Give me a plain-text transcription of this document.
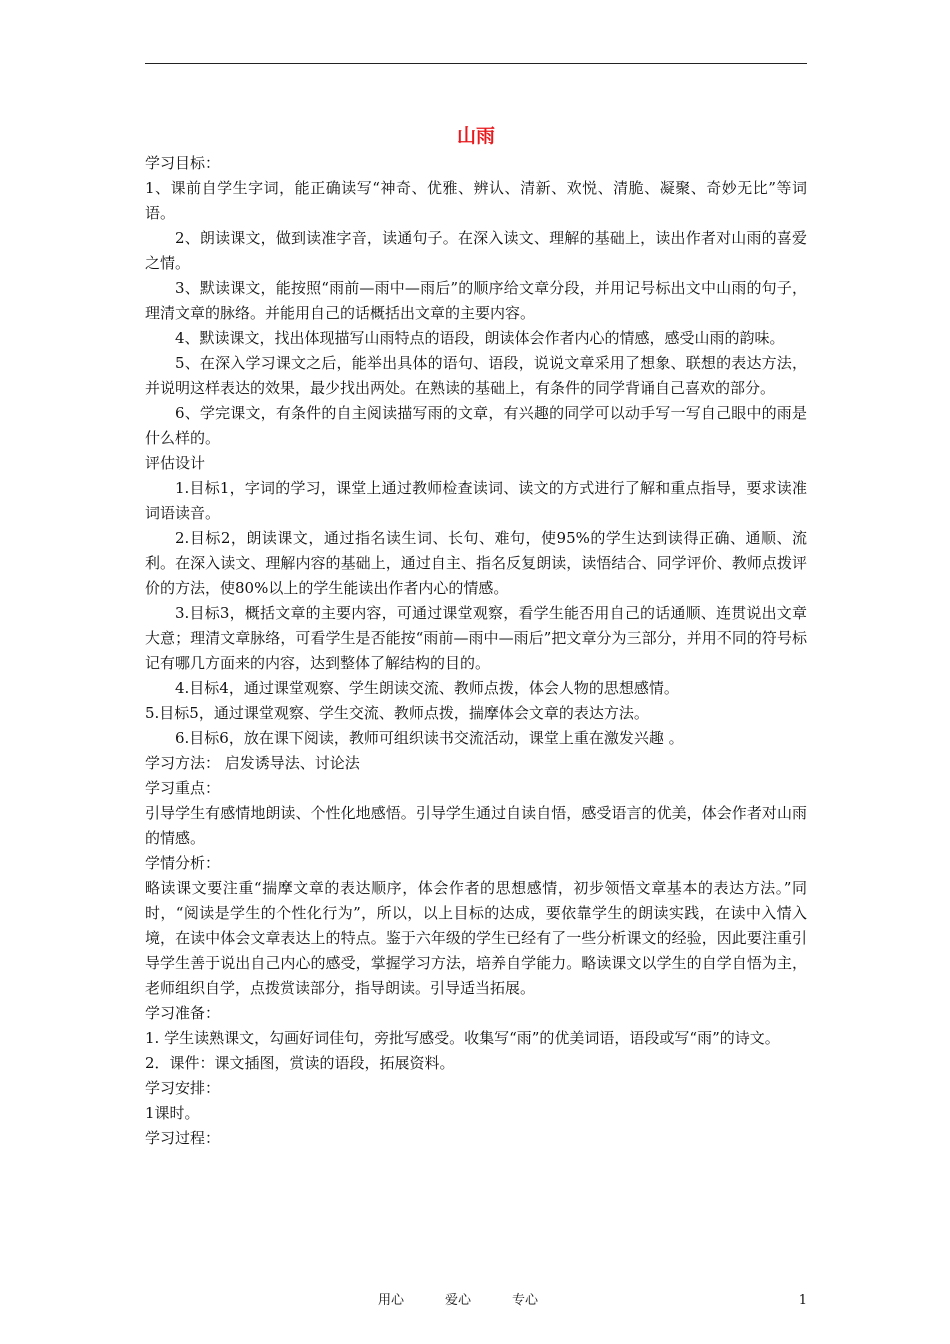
山雨

学习目标：

1、课前自学生字词，能正确读写“神奇、优雅、辨认、清新、欢悦、清脆、凝聚、奇妙无比”等词语。

2、朗读课文，做到读准字音，读通句子。在深入读文、理解的基础上，读出作者对山雨的喜爱之情。

3、默读课文，能按照“雨前—雨中—雨后”的顺序给文章分段，并用记号标出文中山雨的句子，理清文章的脉络。并能用自己的话概括出文章的主要内容。

4、默读课文，找出体现描写山雨特点的语段，朗读体会作者内心的情感，感受山雨的韵味。

5、在深入学习课文之后，能举出具体的语句、语段，说说文章采用了想象、联想的表达方法，并说明这样表达的效果，最少找出两处。在熟读的基础上，有条件的同学背诵自己喜欢的部分。

6、学完课文，有条件的自主阅读描写雨的文章，有兴趣的同学可以动手写一写自己眼中的雨是什么样的。

评估设计

1.目标1，字词的学习，课堂上通过教师检查读词、读文的方式进行了解和重点指导，要求读准词语读音。

2.目标2，朗读课文，通过指名读生词、长句、难句，使95%的学生达到读得正确、通顺、流利。在深入读文、理解内容的基础上，通过自主、指名反复朗读，读悟结合、同学评价、教师点拨评价的方法，使80%以上的学生能读出作者内心的情感。

3.目标3，概括文章的主要内容，可通过课堂观察，看学生能否用自己的话通顺、连贯说出文章大意；理清文章脉络，可看学生是否能按“雨前—雨中—雨后”把文章分为三部分，并用不同的符号标记有哪几方面来的内容，达到整体了解结构的目的。

4.目标4，通过课堂观察、学生朗读交流、教师点拨，体会人物的思想感情。

5.目标5，通过课堂观察、学生交流、教师点拨，揣摩体会文章的表达方法。

6.目标6，放在课下阅读，教师可组织读书交流活动，课堂上重在激发兴趣 。

学习方法： 启发诱导法、讨论法

学习重点：

引导学生有感情地朗读、个性化地感悟。引导学生通过自读自悟，感受语言的优美，体会作者对山雨的情感。

学情分析：

略读课文要注重“揣摩文章的表达顺序，体会作者的思想感情，初步领悟文章基本的表达方法。”同时，“阅读是学生的个性化行为”，所以，以上目标的达成，要依靠学生的朗读实践，在读中入情入境，在读中体会文章表达上的特点。鉴于六年级的学生已经有了一些分析课文的经验，因此要注重引导学生善于说出自己内心的感受，掌握学习方法，培养自学能力。略读课文以学生的自学自悟为主，老师组织自学，点拨赏读部分，指导朗读。引导适当拓展。

学习准备：

1. 学生读熟课文，勾画好词佳句，旁批写感受。收集写“雨”的优美词语，语段或写“雨”的诗文。

2．课件：课文插图，赏读的语段，拓展资料。

学习安排：

1课时。

学习过程：

用心	爱心	专心	1
